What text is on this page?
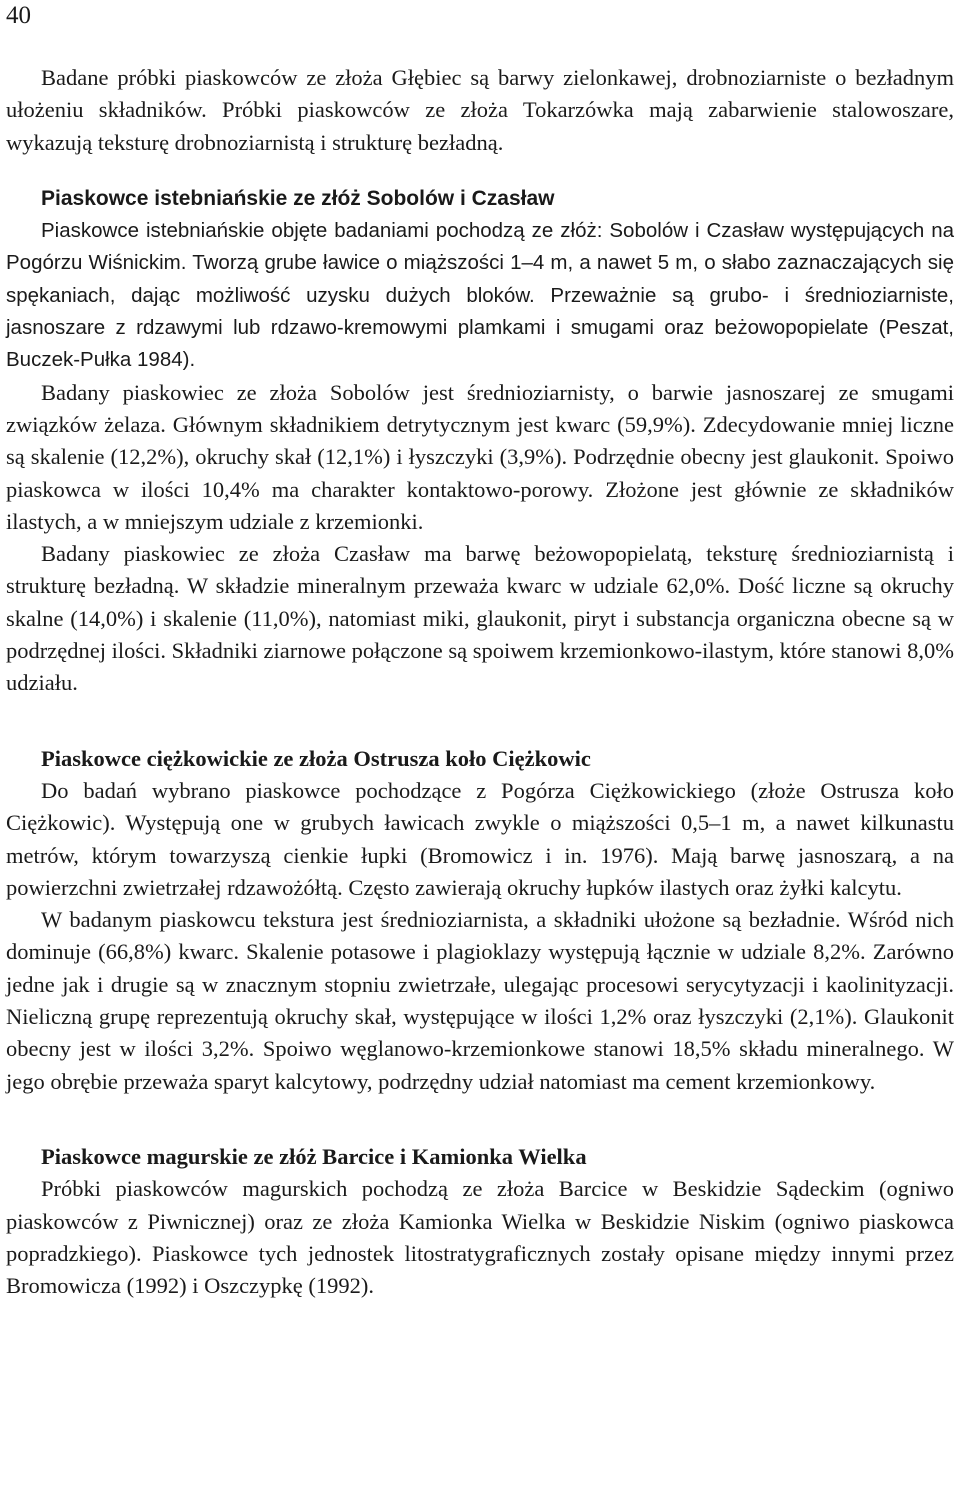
40

Badane próbki piaskowców ze złoża Głębiec są barwy zielonkawej, drobnoziarniste o bezładnym ułożeniu składników. Próbki piaskowców ze złoża Tokarzówka mają zabarwienie stalowoszare, wykazują teksturę drobnoziarnistą i strukturę bezładną.

Piaskowce istebniańskie ze złóż Sobolów i Czasław

Piaskowce istebniańskie objęte badaniami pochodzą ze złóż: Sobolów i Czasław występujących na Pogórzu Wiśnickim. Tworzą grube ławice o miąższości 1–4 m, a nawet 5 m, o słabo zaznaczających się spękaniach, dając możliwość uzysku dużych bloków. Przeważnie są grubo- i średnioziarniste, jasnoszare z rdzawymi lub rdzawo-kremowymi plamkami i smugami oraz beżowopopielate (Peszat, Buczek-Pułka 1984).

Badany piaskowiec ze złoża Sobolów jest średnioziarnisty, o barwie jasnoszarej ze smugami związków żelaza. Głównym składnikiem detrytycznym jest kwarc (59,9%). Zdecydowanie mniej liczne są skalenie (12,2%), okruchy skał (12,1%) i łyszczyki (3,9%). Podrzędnie obecny jest glaukonit. Spoiwo piaskowca w ilości 10,4% ma charakter kontaktowo-porowy. Złożone jest głównie ze składników ilastych, a w mniejszym udziale z krzemionki.

Badany piaskowiec ze złoża Czasław ma barwę beżowopopielatą, teksturę średnioziarnistą i strukturę bezładną. W składzie mineralnym przeważa kwarc w udziale 62,0%. Dość liczne są okruchy skalne (14,0%) i skalenie (11,0%), natomiast miki, glaukonit, piryt i substancja organiczna obecne są w podrzędnej ilości. Składniki ziarnowe połączone są spoiwem krzemionkowo-ilastym, które stanowi 8,0% udziału.

Piaskowce ciężkowickie ze złoża Ostrusza koło Ciężkowic

Do badań wybrano piaskowce pochodzące z Pogórza Ciężkowickiego (złoże Ostrusza koło Ciężkowic). Występują one w grubych ławicach zwykle o miąższości 0,5–1 m, a nawet kilkunastu metrów, którym towarzyszą cienkie łupki (Bromowicz i in. 1976). Mają barwę jasnoszarą, a na powierzchni zwietrzałej rdzawożółtą. Często zawierają okruchy łupków ilastych oraz żyłki kalcytu.

W badanym piaskowcu tekstura jest średnioziarnista, a składniki ułożone są bezładnie. Wśród nich dominuje (66,8%) kwarc. Skalenie potasowe i plagioklazy występują łącznie w udziale 8,2%. Zarówno jedne jak i drugie są w znacznym stopniu zwietrzałe, ulegając procesowi serycytyzacji i kaolinityzacji. Nieliczną grupę reprezentują okruchy skał, występujące w ilości 1,2% oraz łyszczyki (2,1%). Glaukonit obecny jest w ilości 3,2%. Spoiwo węglanowo-krzemionkowe stanowi 18,5% składu mineralnego. W jego obrębie przeważa sparyt kalcytowy, podrzędny udział natomiast ma cement krzemionkowy.

Piaskowce magurskie ze złóż Barcice i Kamionka Wielka

Próbki piaskowców magurskich pochodzą ze złoża Barcice w Beskidzie Sądeckim (ogniwo piaskowców z Piwnicznej) oraz ze złoża Kamionka Wielka w Beskidzie Niskim (ogniwo piaskowca popradzkiego). Piaskowce tych jednostek litostratygraficznych zostały opisane między innymi przez Bromowicza (1992) i Oszczypkę (1992).
